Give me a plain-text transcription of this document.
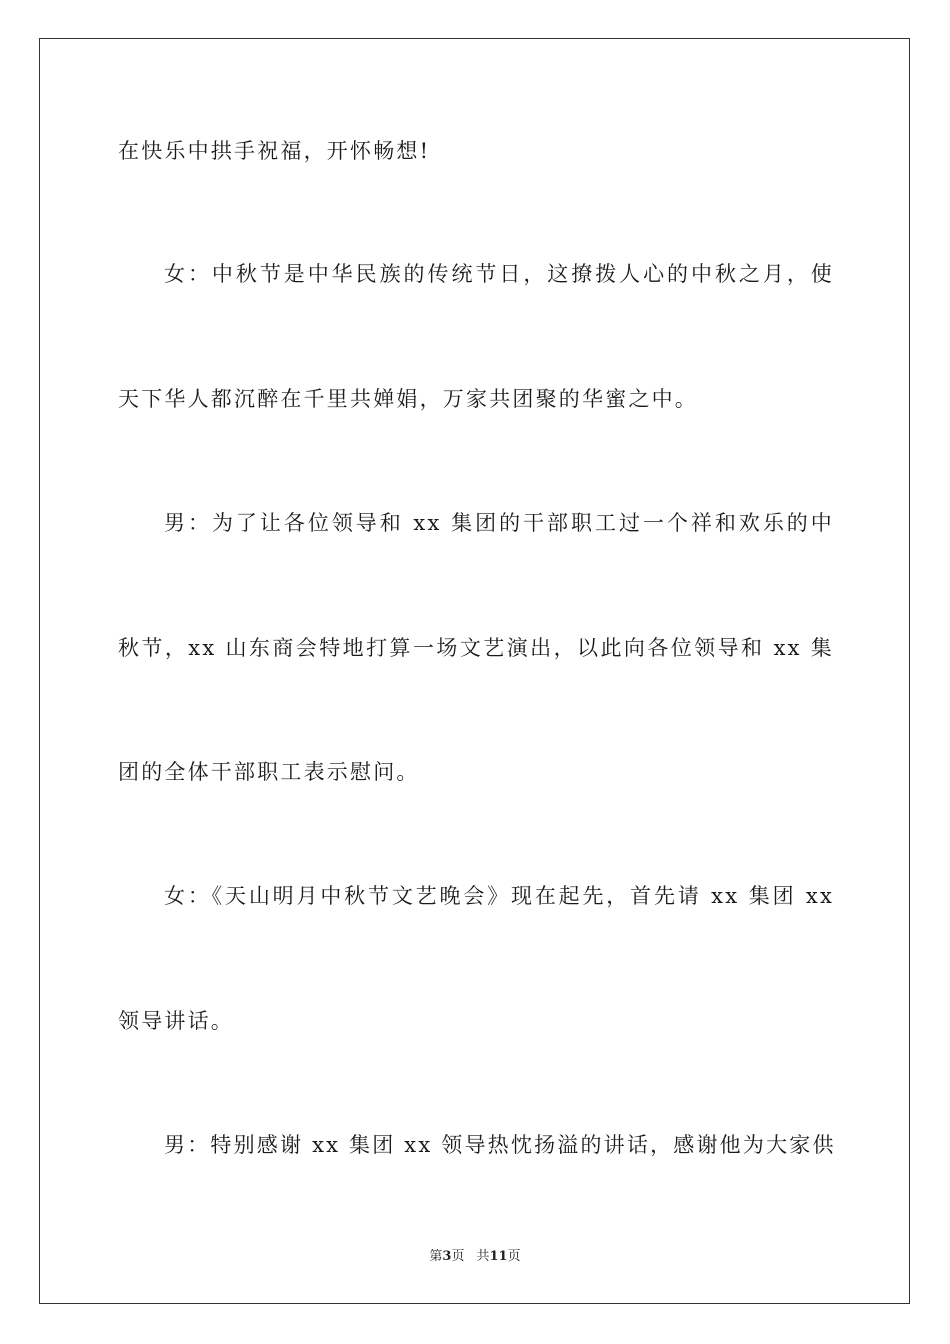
在快乐中拱手祝福，开怀畅想!

女：中秋节是中华民族的传统节日，这撩拨人心的中秋之月，使

天下华人都沉醉在千里共婵娟，万家共团聚的华蜜之中。

男：为了让各位领导和 xx 集团的干部职工过一个祥和欢乐的中

秋节，xx 山东商会特地打算一场文艺演出，以此向各位领导和 xx 集

团的全体干部职工表示慰问。

女：《天山明月中秋节文艺晚会》现在起先，首先请 xx 集团 xx

领导讲话。

男：特别感谢 xx 集团 xx 领导热忱扬溢的讲话，感谢他为大家供

第3页 共11页
